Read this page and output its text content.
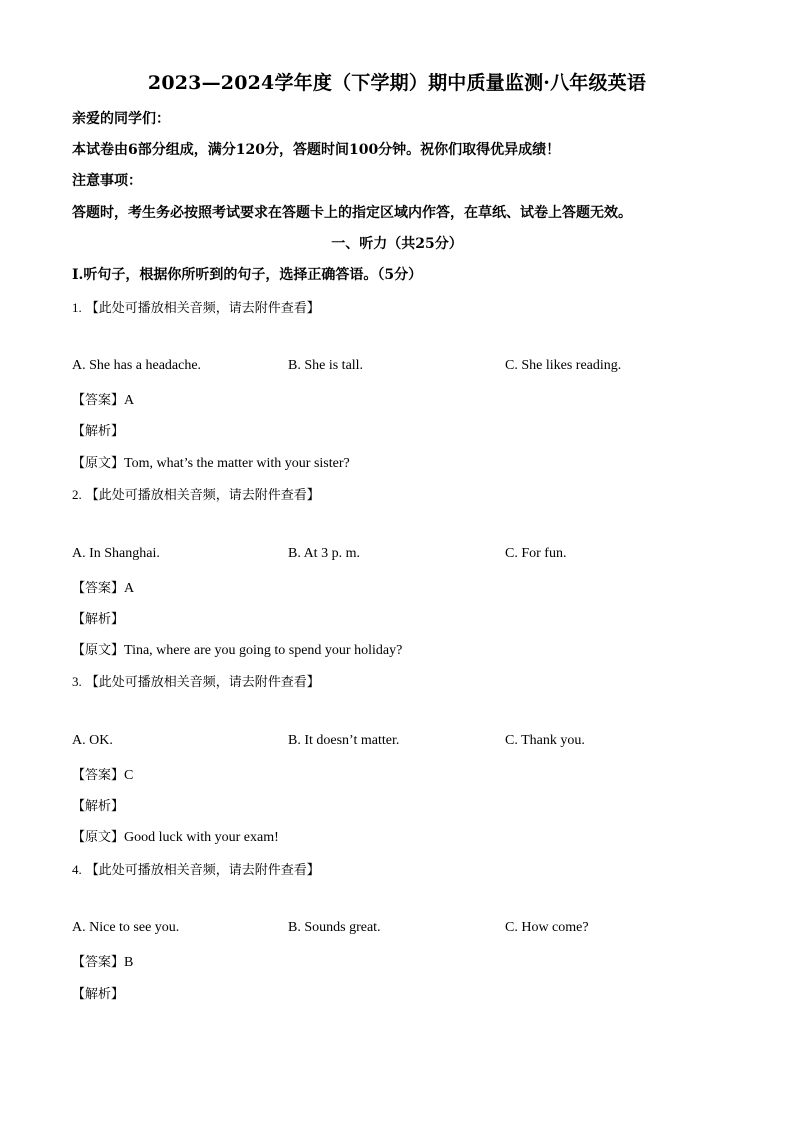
2023—2024学年度（下学期）期中质量监测·八年级英语
亲爱的同学们：
本试卷由6部分组成，满分120分，答题时间100分钟。祝你们取得优异成绩！
注意事项：
答题时，考生务必按照考试要求在答题卡上的指定区域内作答，在草纸、试卷上答题无效。
一、听力（共25分）
I.听句子，根据你所听到的句子，选择正确答语。（5分）
1. 【此处可播放相关音频，请去附件查看】
A. She has a headache.	B. She is tall.	C. She likes reading.
【答案】A
【解析】
【原文】Tom, what’s the matter with your sister?
2. 【此处可播放相关音频，请去附件查看】
A. In Shanghai.	B. At 3 p. m.	C. For fun.
【答案】A
【解析】
【原文】Tina, where are you going to spend your holiday?
3. 【此处可播放相关音频，请去附件查看】
A. OK.	B. It doesn’t matter.	C. Thank you.
【答案】C
【解析】
【原文】Good luck with your exam!
4. 【此处可播放相关音频，请去附件查看】
A. Nice to see you.	B. Sounds great.	C. How come?
【答案】B
【解析】
